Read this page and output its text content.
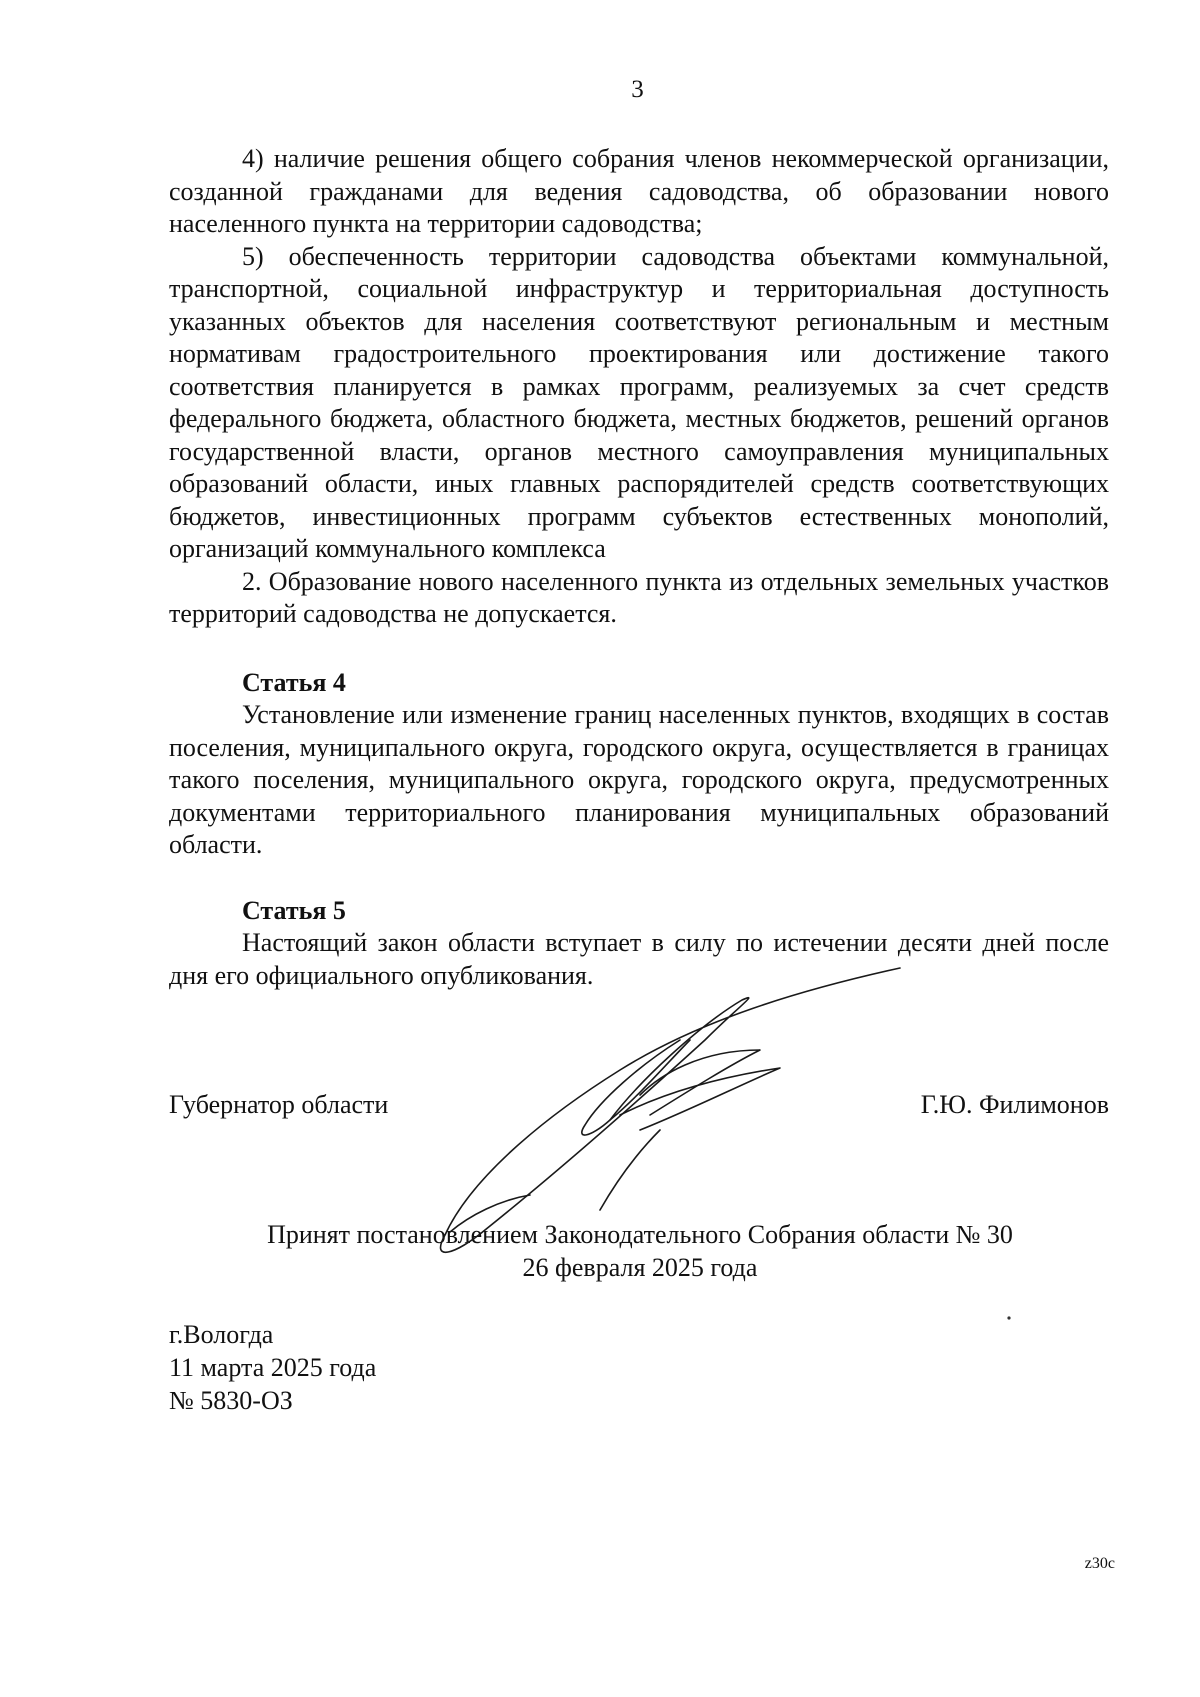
3

4) наличие решения общего собрания членов некоммерческой организации, созданной гражданами для ведения садоводства, об образовании нового населенного пункта на территории садоводства;

5) обеспеченность территории садоводства объектами коммунальной, транспортной, социальной инфраструктур и территориальная доступность указанных объектов для населения соответствуют региональным и местным нормативам градостроительного проектирования или достижение такого соответствия планируется в рамках программ, реализуемых за счет средств федерального бюджета, областного бюджета, местных бюджетов, решений органов государственной власти, органов местного самоуправления муниципальных образований области, иных главных распорядителей средств соответствующих бюджетов, инвестиционных программ субъектов естественных монополий, организаций коммунального комплекса

2. Образование нового населенного пункта из отдельных земельных участков территорий садоводства не допускается.

Статья 4

Установление или изменение границ населенных пунктов, входящих в состав поселения, муниципального округа, городского округа, осуществляется в границах такого поселения, муниципального округа, городского округа, предусмотренных документами территориального планирования муниципальных образований области.

Статья 5

Настоящий закон области вступает в силу по истечении десяти дней после дня его официального опубликования.

Губернатор области	Г.Ю. Филимонов
Принят постановлением Законодательного Собрания области № 30
26 февраля 2025 года
г.Вологда
11 марта 2025 года
№ 5830-ОЗ
z30c
